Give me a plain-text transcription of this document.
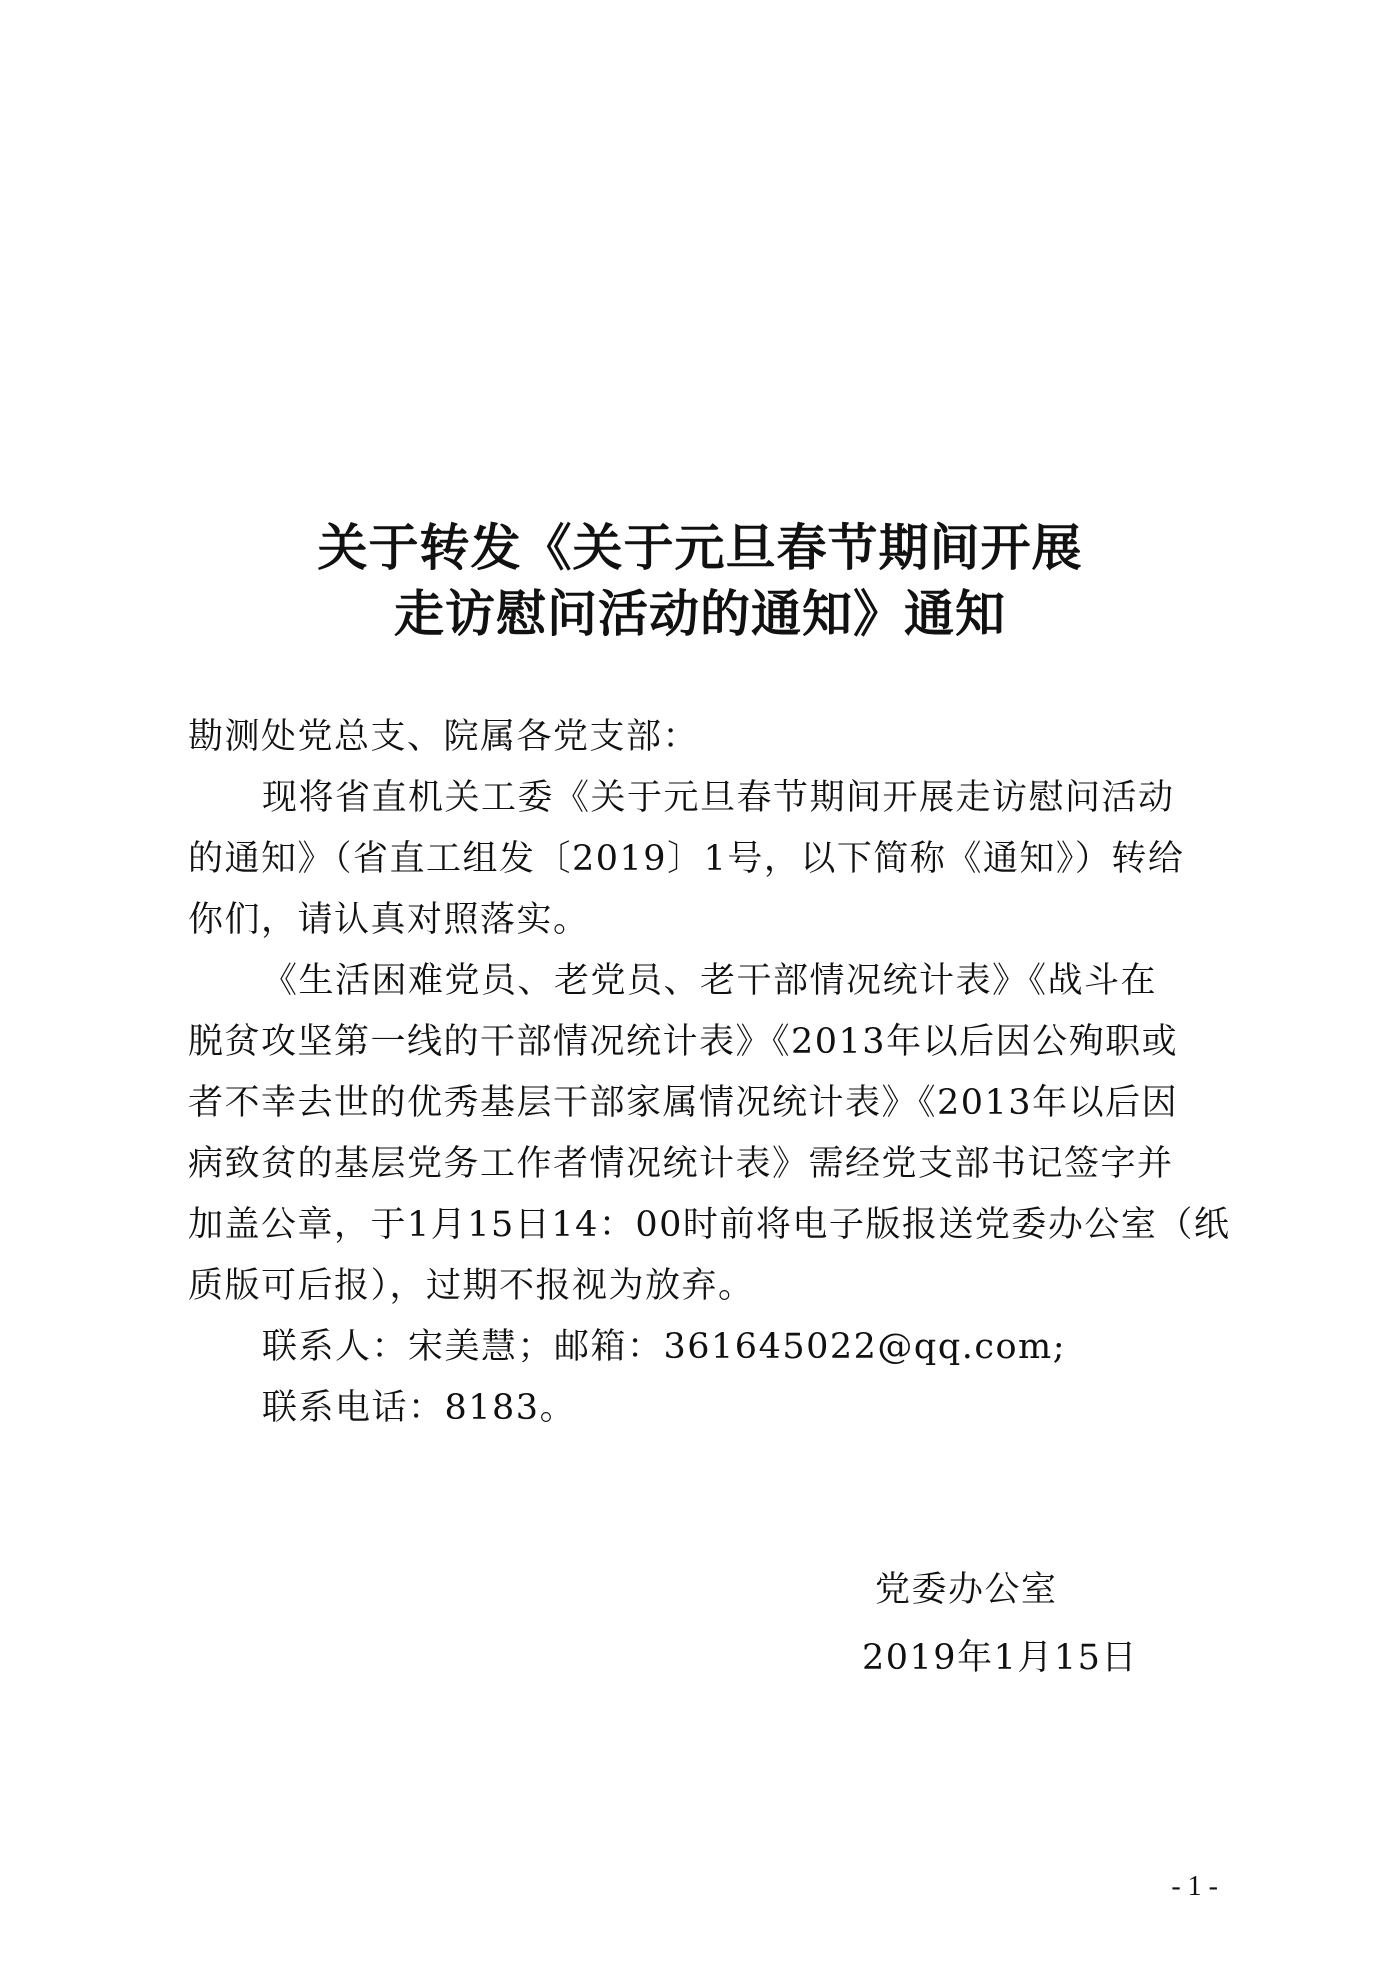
关于转发《关于元旦春节期间开展
走访慰问活动的通知》通知
勘测处党总支、院属各党支部：
现将省直机关工委《关于元旦春节期间开展走访慰问活动
的通知》（省直工组发〔2019〕1号，以下简称《通知》）转给
你们，请认真对照落实。
《生活困难党员、老党员、老干部情况统计表》《战斗在
脱贫攻坚第一线的干部情况统计表》《2013年以后因公殉职或
者不幸去世的优秀基层干部家属情况统计表》《2013年以后因
病致贫的基层党务工作者情况统计表》需经党支部书记签字并
加盖公章，于1月15日14：00时前将电子版报送党委办公室（纸
质版可后报），过期不报视为放弃。
联系人：宋美慧；邮箱：361645022@qq.com;
联系电话：8183。
党委办公室
2019年1月15日
- 1 -
